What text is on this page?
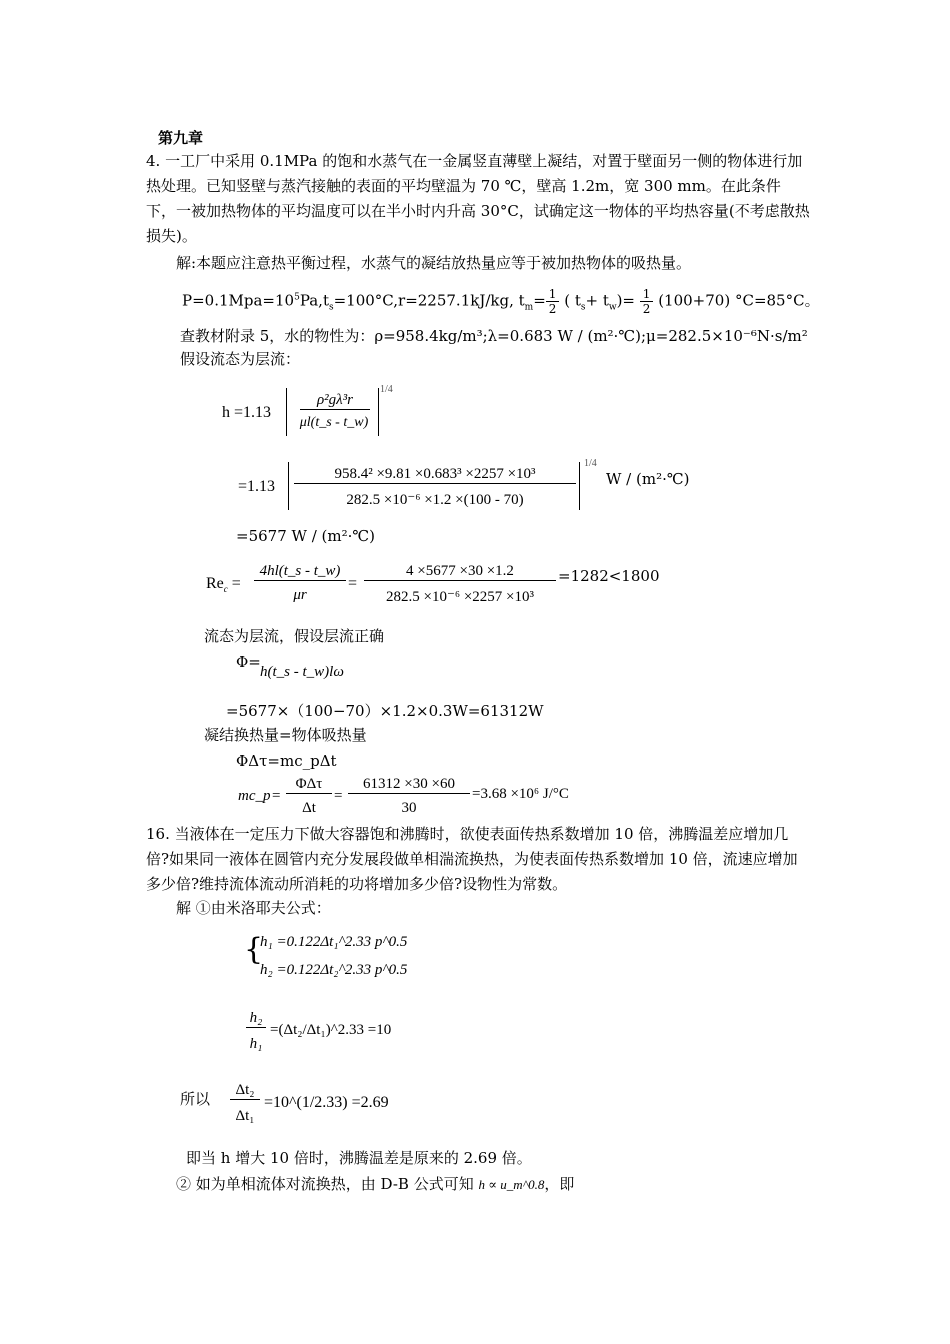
第九章
4. 一工厂中采用 0.1MPa 的饱和水蒸气在一金属竖直薄壁上凝结，对置于壁面另一侧的物体进行加热处理。已知竖壁与蒸汽接触的表面的平均壁温为 70 ℃，壁高 1.2m，宽 300 mm。在此条件下，一被加热物体的平均温度可以在半小时内升高 30°C，试确定这一物体的平均热容量(不考虑散热损失)。
解:本题应注意热平衡过程，水蒸气的凝结放热量应等于被加热物体的吸热量。
$P=0.1Mpa=10^5Pa,t_s=100^\circ C,r=2257.1kJ/kg$, $t_m= \frac{1}{2}$ ( $t_s+ t_w)= \frac{1}{2} (100+70)$ °C=85°C。
查教材附录 5，水的物性为：ρ=958.4kg/m³;λ=0.683 W / (m²·℃);μ=282.5×10⁻⁶N·s/m²
假设流态为层流：
h =1.13
ρ²gλ³r
μl(t_s - t_w)
1/4
=1.13
958.4² ×9.81 ×0.683³ ×2257 ×10³
282.5 ×10⁻⁶ ×1.2 ×(100 - 70)
1/4
W / (m²·℃)
=5677 W / (m²·℃)
$Re_c$ =
4hl(t_s - t_w)
μr
=
4 ×5677 ×30 ×1.2
282.5 ×10⁻⁶ ×2257 ×10³
=1282<1800
流态为层流，假设层流正确
Φ=
h(t_s - t_w)lω
=5677×（100−70）×1.2×0.3W=61312W
凝结换热量=物体吸热量
ΦΔτ=mc_pΔt
mc_p =
ΦΔτ
Δt
=
61312 ×30 ×60
30
=3.68 ×10⁶ J/°C
16. 当液体在一定压力下做大容器饱和沸腾时，欲使表面传热系数增加 10 倍，沸腾温差应增加几倍?如果同一液体在圆管内充分发展段做单相湍流换热，为使表面传热系数增加 10 倍，流速应增加多少倍?维持流体流动所消耗的功将增加多少倍?设物性为常数。
解 ①由米洛耶夫公式：
{
h₁ =0.122Δt₁^2.33 p^0.5
h₂ =0.122Δt₂^2.33 p^0.5
h₂
h₁
=(Δt₂/Δt₁)^2.33 =10
所以	Δt₂
Δt₁
=10^(1/2.33) =2.69
即当 h 增大 10 倍时，沸腾温差是原来的 2.69 倍。
② 如为单相流体对流换热，由 D-B 公式可知 h ∝ u_m^0.8，即
